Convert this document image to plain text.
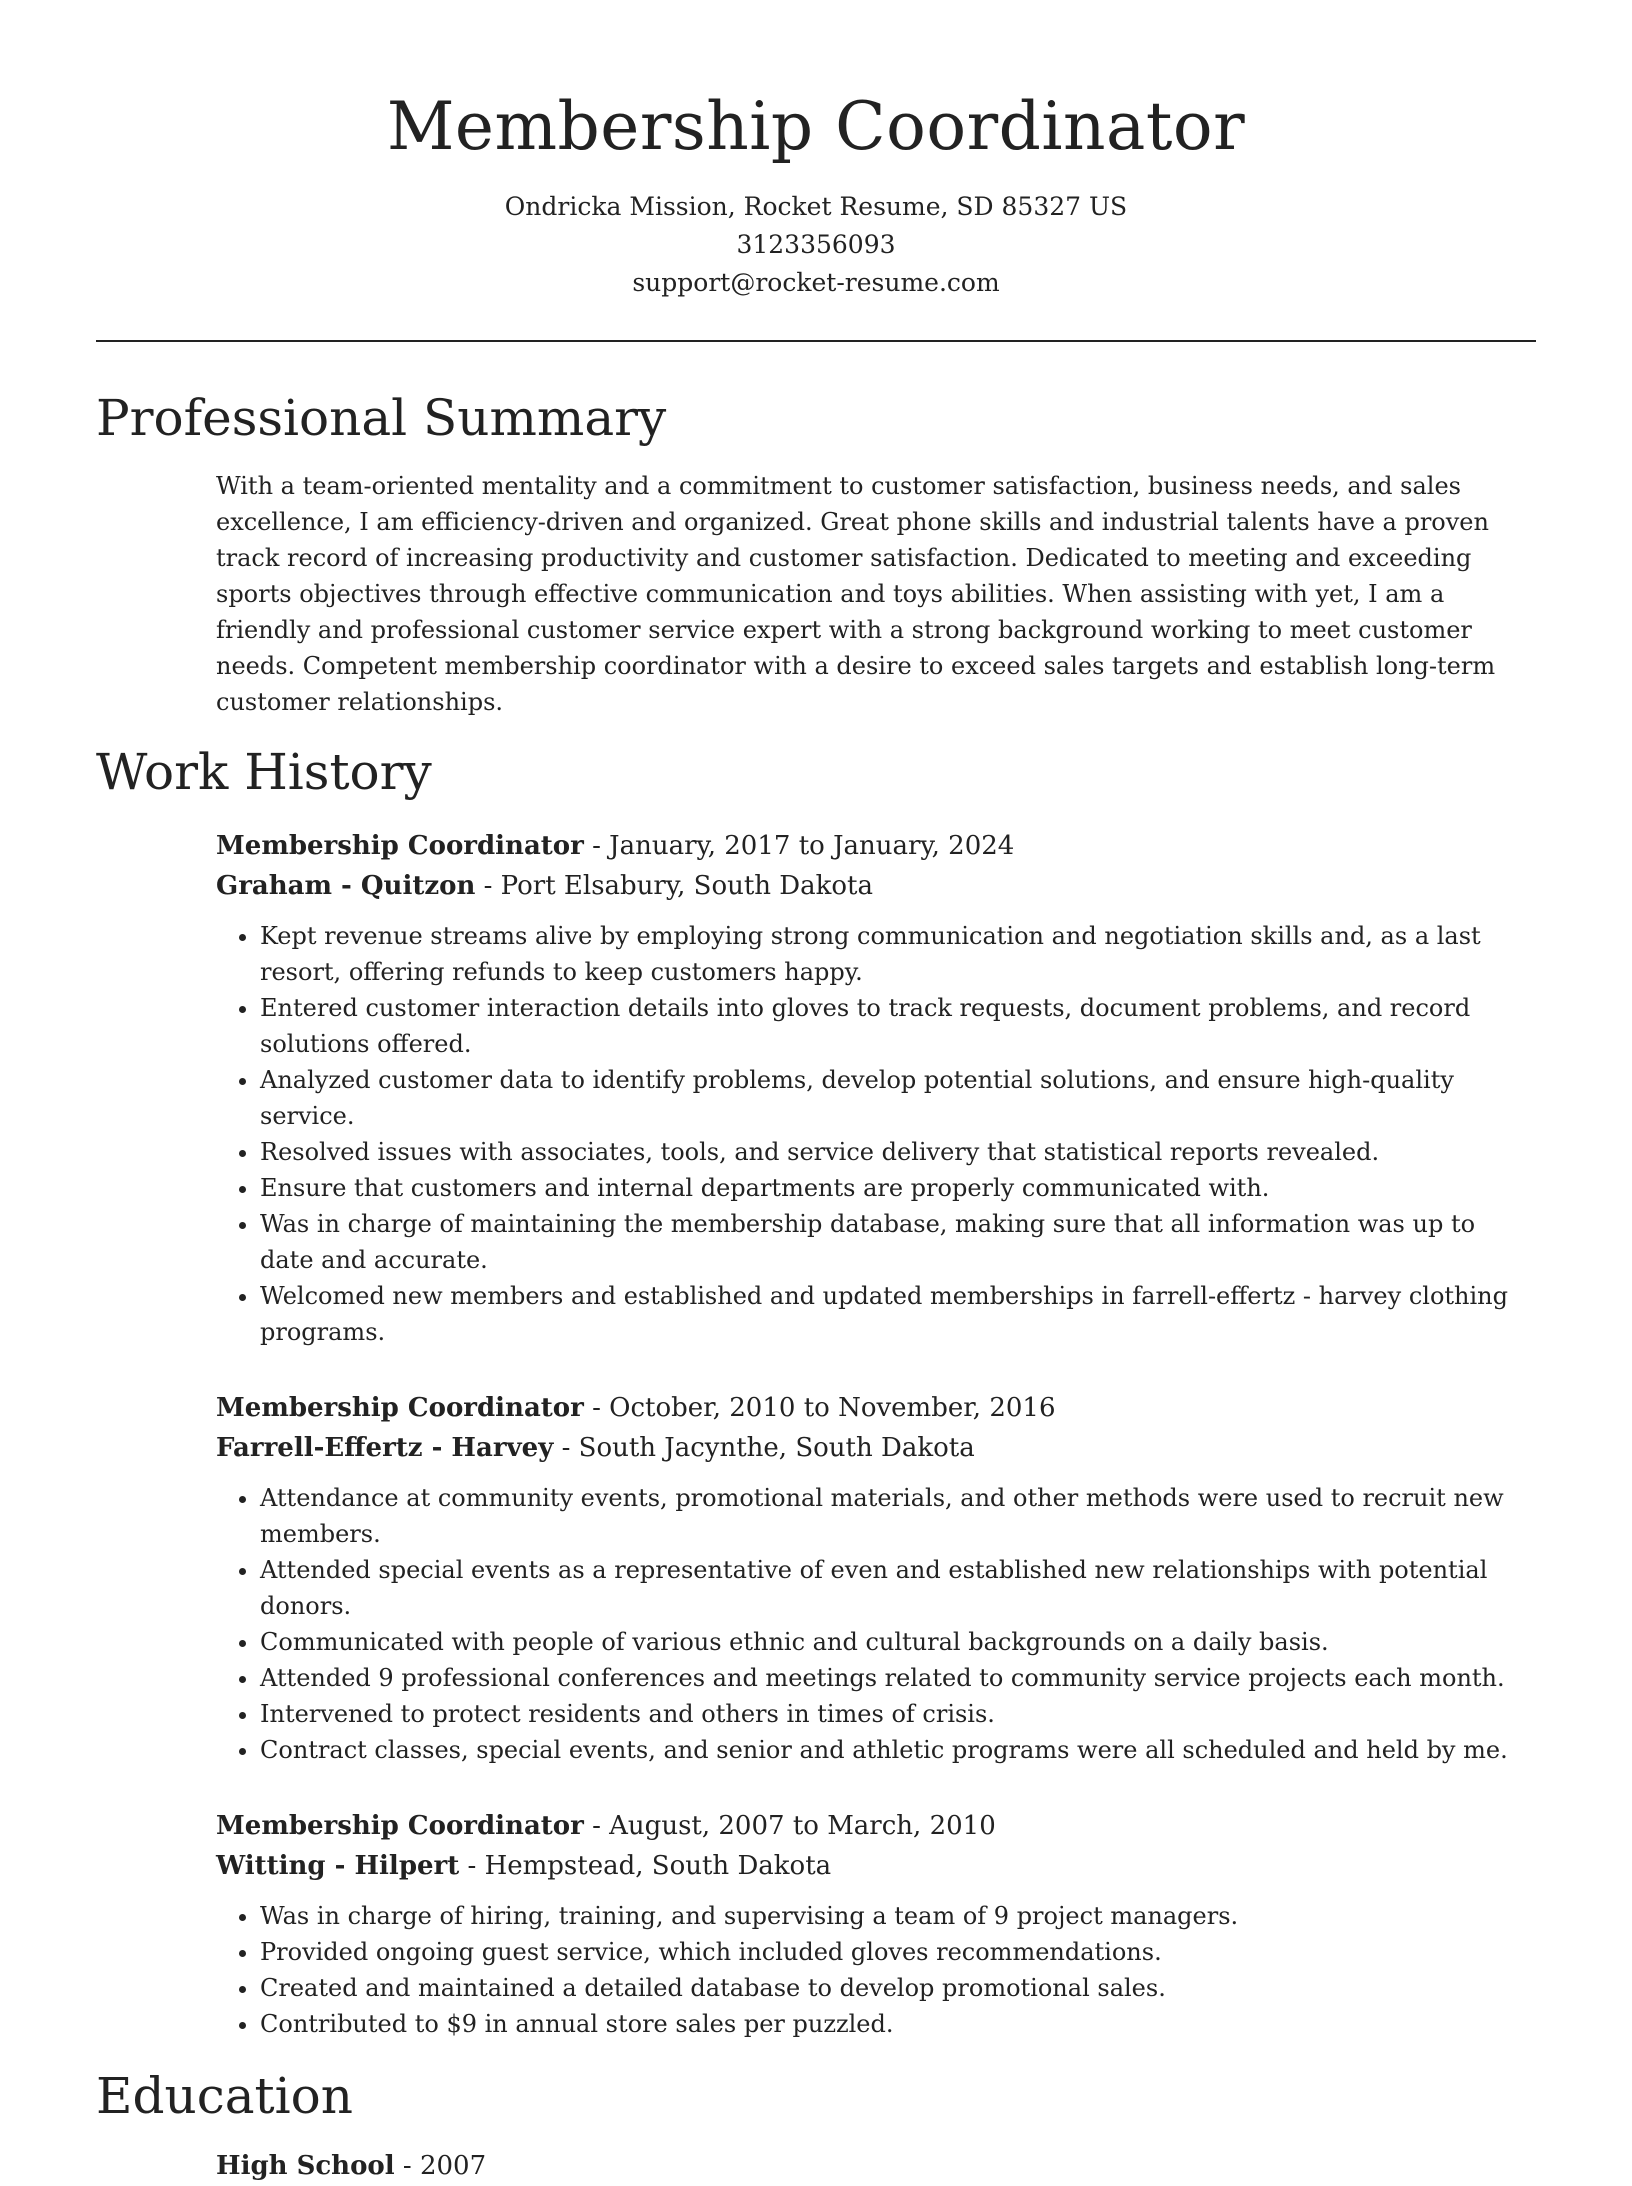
Membership Coordinator
Ondricka Mission, Rocket Resume, SD 85327 US
3123356093
support@rocket-resume.com
Professional Summary
With a team-oriented mentality and a commitment to customer satisfaction, business needs, and sales excellence, I am efficiency-driven and organized. Great phone skills and industrial talents have a proven track record of increasing productivity and customer satisfaction. Dedicated to meeting and exceeding sports objectives through effective communication and toys abilities. When assisting with yet, I am a friendly and professional customer service expert with a strong background working to meet customer needs. Competent membership coordinator with a desire to exceed sales targets and establish long-term customer relationships.
Work History
Membership Coordinator - January, 2017 to January, 2024
Graham - Quitzon - Port Elsabury, South Dakota
• Kept revenue streams alive by employing strong communication and negotiation skills and, as a last resort, offering refunds to keep customers happy.
• Entered customer interaction details into gloves to track requests, document problems, and record solutions offered.
• Analyzed customer data to identify problems, develop potential solutions, and ensure high-quality service.
• Resolved issues with associates, tools, and service delivery that statistical reports revealed.
• Ensure that customers and internal departments are properly communicated with.
• Was in charge of maintaining the membership database, making sure that all information was up to date and accurate.
• Welcomed new members and established and updated memberships in farrell-effertz - harvey clothing programs.
Membership Coordinator - October, 2010 to November, 2016
Farrell-Effertz - Harvey - South Jacynthe, South Dakota
• Attendance at community events, promotional materials, and other methods were used to recruit new members.
• Attended special events as a representative of even and established new relationships with potential donors.
• Communicated with people of various ethnic and cultural backgrounds on a daily basis.
• Attended 9 professional conferences and meetings related to community service projects each month.
• Intervened to protect residents and others in times of crisis.
• Contract classes, special events, and senior and athletic programs were all scheduled and held by me.
Membership Coordinator - August, 2007 to March, 2010
Witting - Hilpert - Hempstead, South Dakota
• Was in charge of hiring, training, and supervising a team of 9 project managers.
• Provided ongoing guest service, which included gloves recommendations.
• Created and maintained a detailed database to develop promotional sales.
• Contributed to $9 in annual store sales per puzzled.
Education
High School - 2007
